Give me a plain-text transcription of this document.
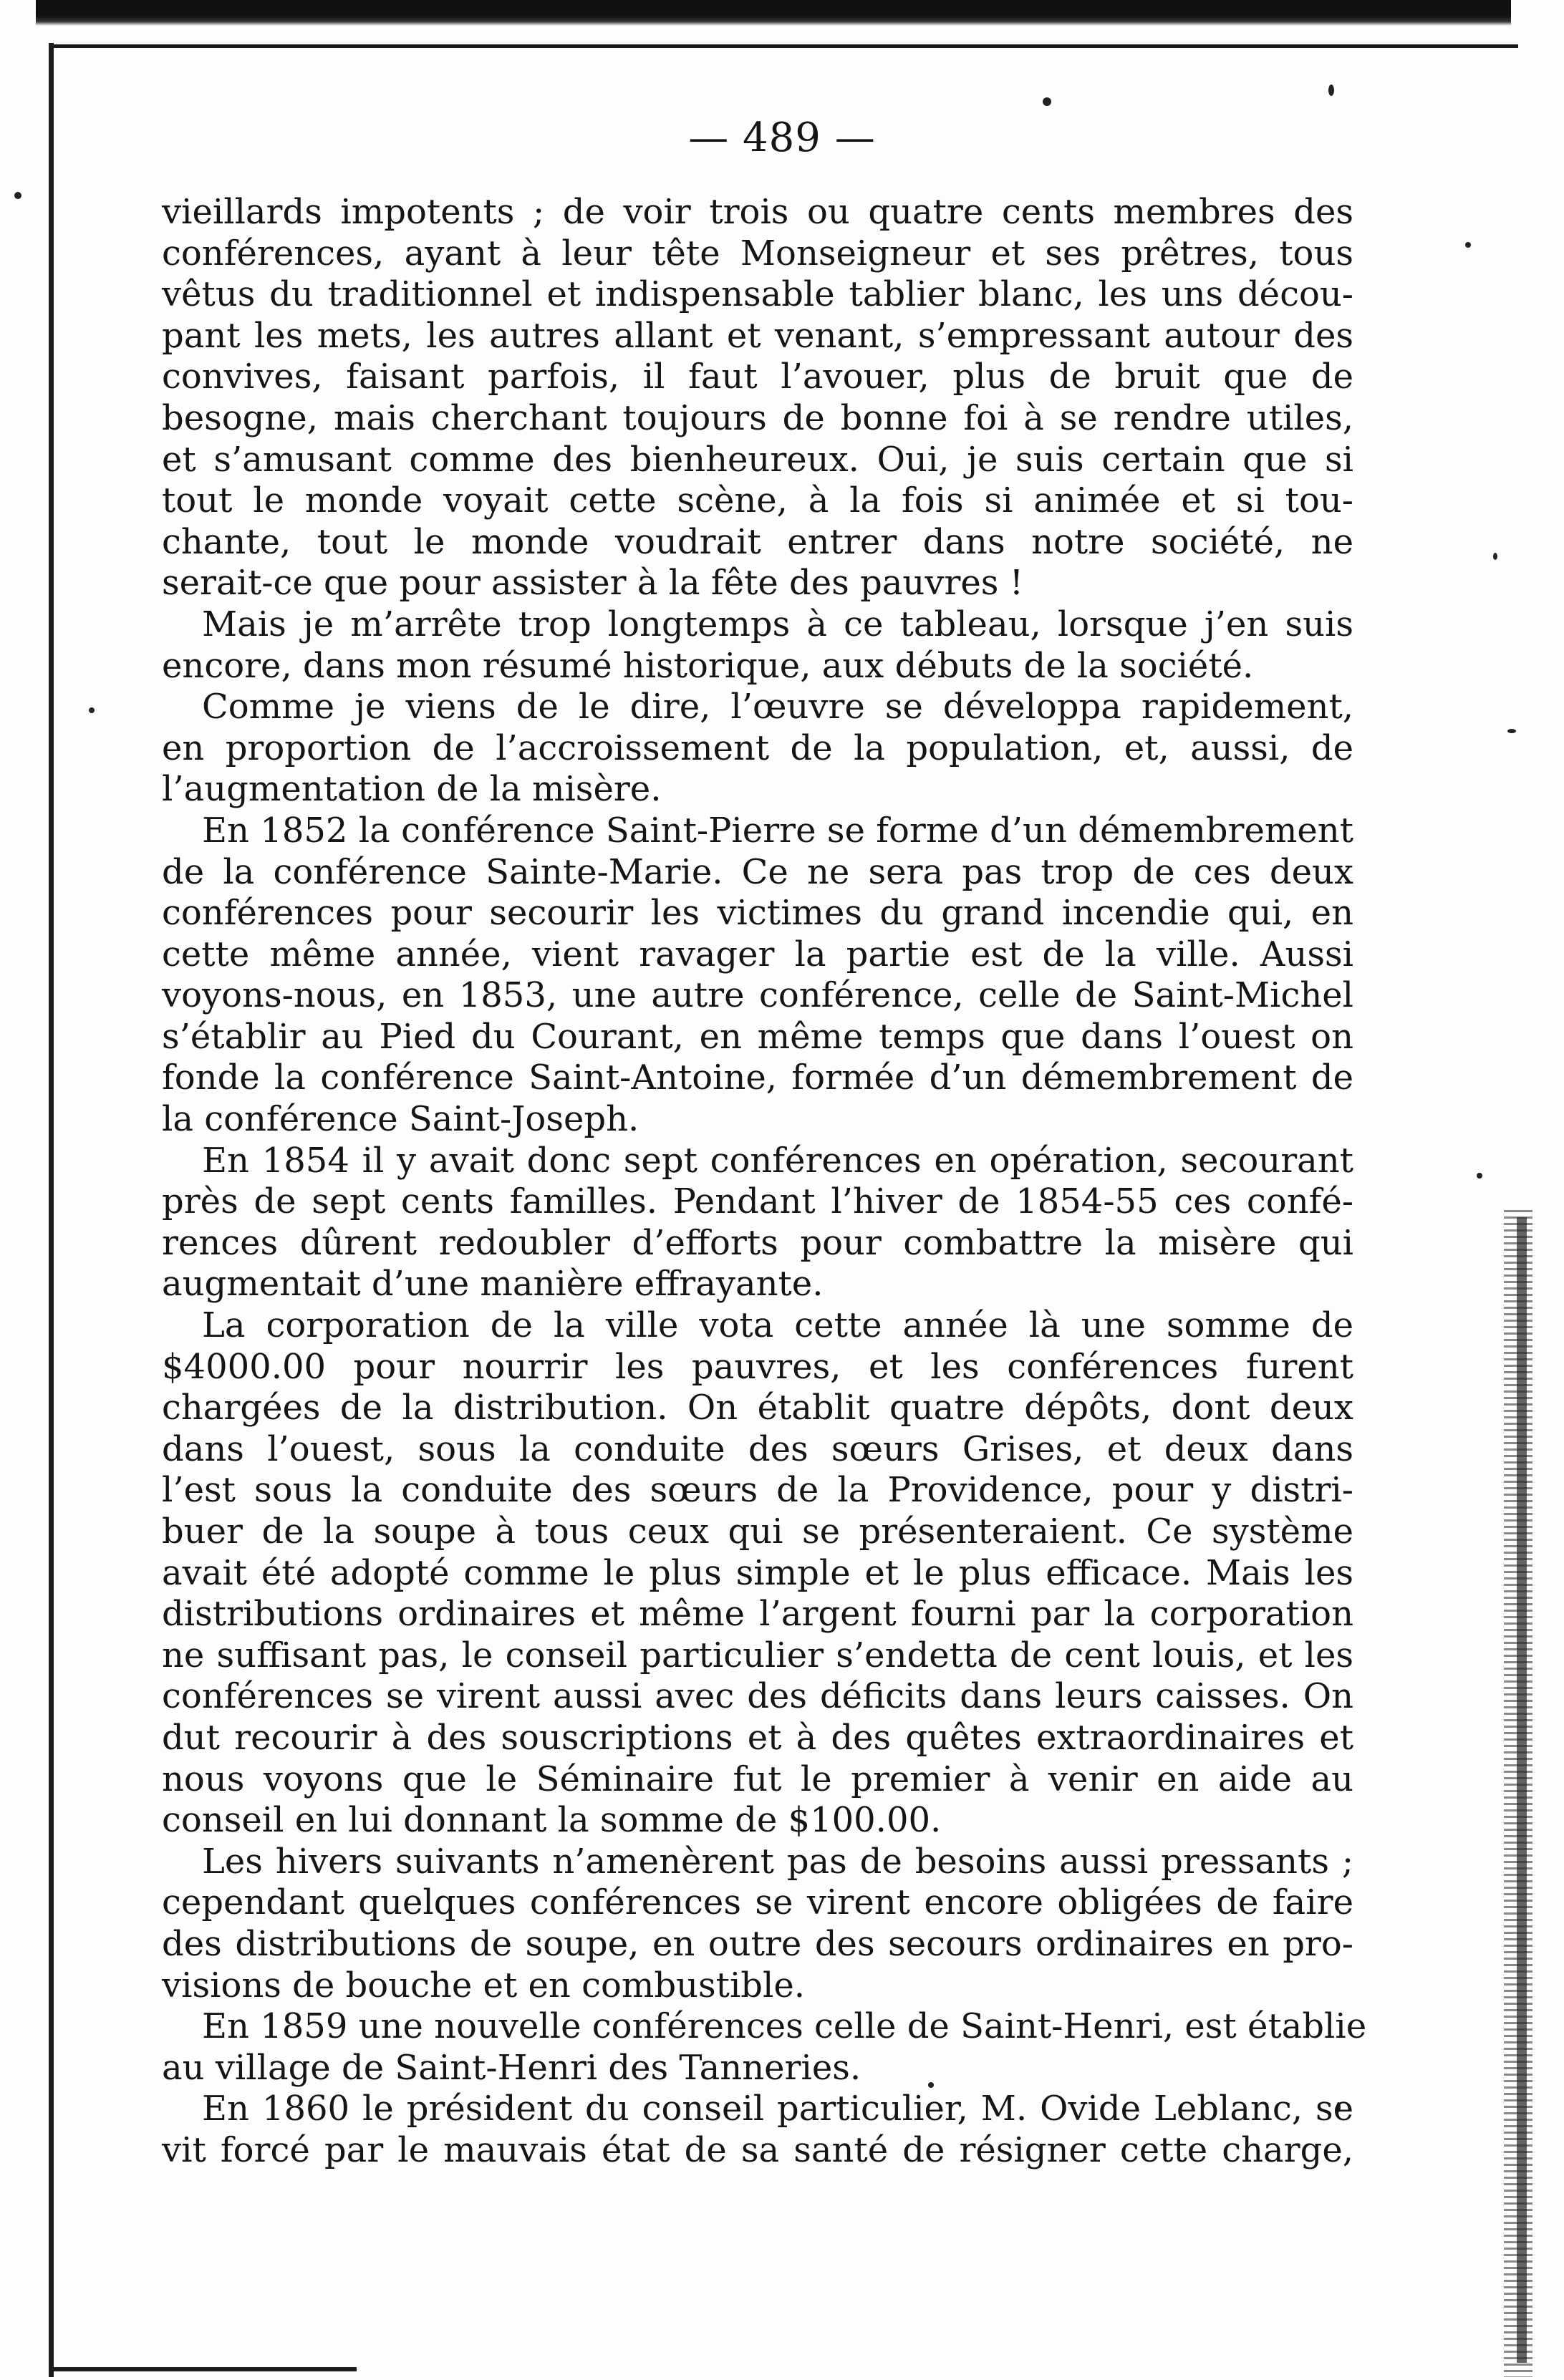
— 489 —
vieillards impotents ; de voir trois ou quatre cents membres des
conférences, ayant à leur tête Monseigneur et ses prêtres, tous
vêtus du traditionnel et indispensable tablier blanc, les uns décou-
pant les mets, les autres allant et venant, s’empressant autour des
convives, faisant parfois, il faut l’avouer, plus de bruit que de
besogne, mais cherchant toujours de bonne foi à se rendre utiles,
et s’amusant comme des bienheureux. Oui, je suis certain que si
tout le monde voyait cette scène, à la fois si animée et si tou-
chante, tout le monde voudrait entrer dans notre société, ne
serait-ce que pour assister à la fête des pauvres !
Mais je m’arrête trop longtemps à ce tableau, lorsque j’en suis
encore, dans mon résumé historique, aux débuts de la société.
Comme je viens de le dire, l’œuvre se développa rapidement,
en proportion de l’accroissement de la population, et, aussi, de
l’augmentation de la misère.
En 1852 la conférence Saint-Pierre se forme d’un démembrement
de la conférence Sainte-Marie. Ce ne sera pas trop de ces deux
conférences pour secourir les victimes du grand incendie qui, en
cette même année, vient ravager la partie est de la ville. Aussi
voyons-nous, en 1853, une autre conférence, celle de Saint-Michel
s’établir au Pied du Courant, en même temps que dans l’ouest on
fonde la conférence Saint-Antoine, formée d’un démembrement de
la conférence Saint-Joseph.
En 1854 il y avait donc sept conférences en opération, secourant
près de sept cents familles. Pendant l’hiver de 1854-55 ces confé-
rences dûrent redoubler d’efforts pour combattre la misère qui
augmentait d’une manière effrayante.
La corporation de la ville vota cette année là une somme de
$4000.00 pour nourrir les pauvres, et les conférences furent
chargées de la distribution. On établit quatre dépôts, dont deux
dans l’ouest, sous la conduite des sœurs Grises, et deux dans
l’est sous la conduite des sœurs de la Providence, pour y distri-
buer de la soupe à tous ceux qui se présenteraient. Ce système
avait été adopté comme le plus simple et le plus efficace. Mais les
distributions ordinaires et même l’argent fourni par la corporation
ne suffisant pas, le conseil particulier s’endetta de cent louis, et les
conférences se virent aussi avec des déficits dans leurs caisses. On
dut recourir à des souscriptions et à des quêtes extraordinaires et
nous voyons que le Séminaire fut le premier à venir en aide au
conseil en lui donnant la somme de $100.00.
Les hivers suivants n’amenèrent pas de besoins aussi pressants ;
cependant quelques conférences se virent encore obligées de faire
des distributions de soupe, en outre des secours ordinaires en pro-
visions de bouche et en combustible.
En 1859 une nouvelle conférences celle de Saint-Henri, est établie
au village de Saint-Henri des Tanneries.
En 1860 le président du conseil particulier, M. Ovide Leblanc, se
vit forcé par le mauvais état de sa santé de résigner cette charge,
